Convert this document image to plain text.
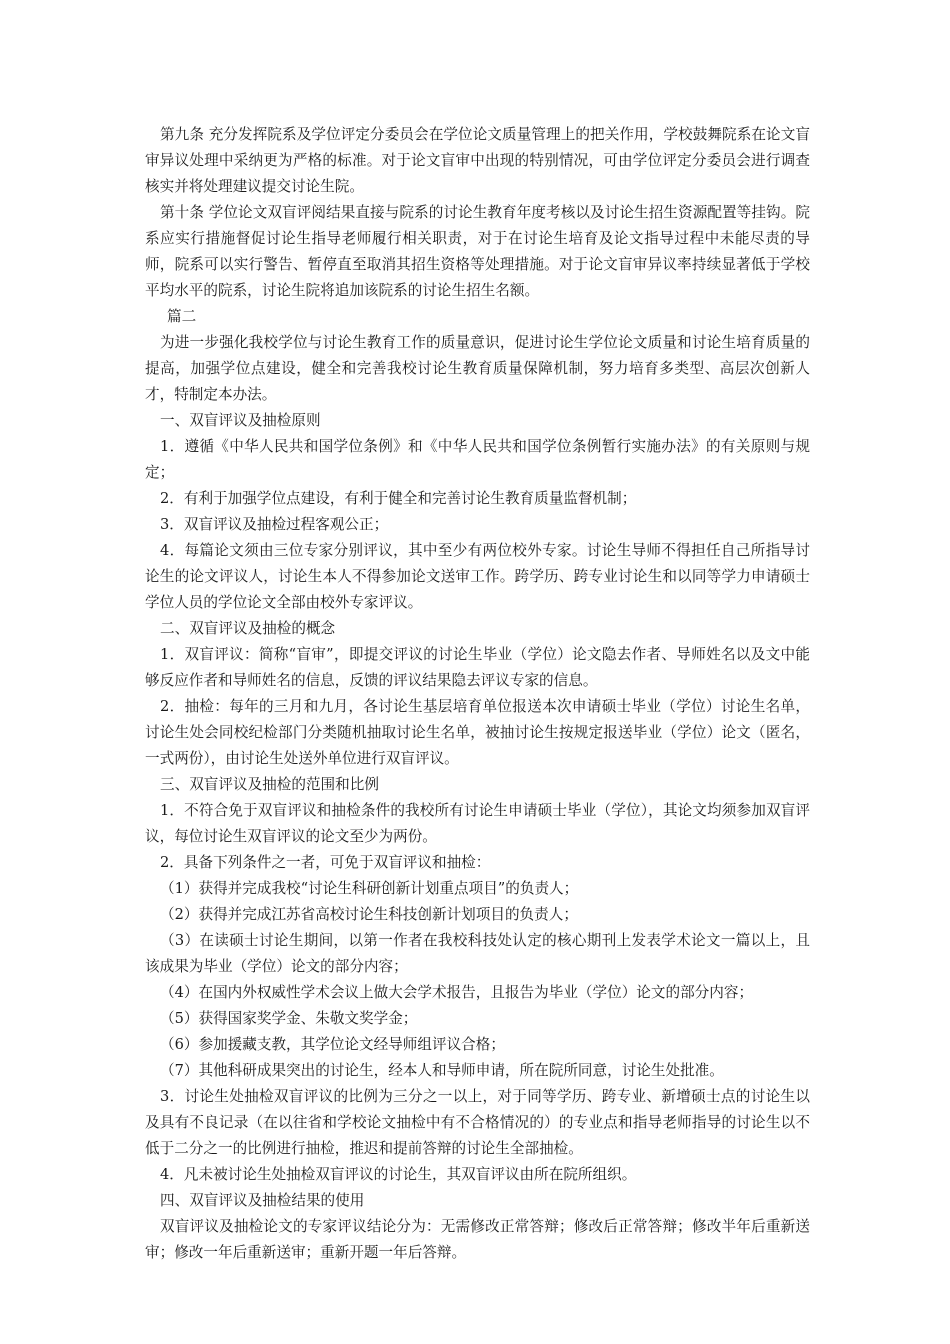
第九条 充分发挥院系及学位评定分委员会在学位论文质量管理上的把关作用，学校鼓舞院系在论文盲审异议处理中采纳更为严格的标准。对于论文盲审中出现的特别情况，可由学位评定分委员会进行调查核实并将处理建议提交讨论生院。

第十条 学位论文双盲评阅结果直接与院系的讨论生教育年度考核以及讨论生招生资源配置等挂钩。院系应实行措施督促讨论生指导老师履行相关职责，对于在讨论生培育及论文指导过程中未能尽责的导师，院系可以实行警告、暂停直至取消其招生资格等处理措施。对于论文盲审异议率持续显著低于学校平均水平的院系，讨论生院将追加该院系的讨论生招生名额。

篇二

为进一步强化我校学位与讨论生教育工作的质量意识，促进讨论生学位论文质量和讨论生培育质量的提高，加强学位点建设，健全和完善我校讨论生教育质量保障机制，努力培育多类型、高层次创新人才，特制定本办法。

一、双盲评议及抽检原则

1．遵循《中华人民共和国学位条例》和《中华人民共和国学位条例暂行实施办法》的有关原则与规定；

2．有利于加强学位点建设，有利于健全和完善讨论生教育质量监督机制；

3．双盲评议及抽检过程客观公正；

4．每篇论文须由三位专家分别评议，其中至少有两位校外专家。讨论生导师不得担任自己所指导讨论生的论文评议人，讨论生本人不得参加论文送审工作。跨学历、跨专业讨论生和以同等学力申请硕士学位人员的学位论文全部由校外专家评议。

二、双盲评议及抽检的概念

1．双盲评议：简称“盲审”，即提交评议的讨论生毕业（学位）论文隐去作者、导师姓名以及文中能够反应作者和导师姓名的信息，反馈的评议结果隐去评议专家的信息。

2．抽检：每年的三月和九月，各讨论生基层培育单位报送本次申请硕士毕业（学位）讨论生名单，讨论生处会同校纪检部门分类随机抽取讨论生名单，被抽讨论生按规定报送毕业（学位）论文（匿名，一式两份），由讨论生处送外单位进行双盲评议。

三、双盲评议及抽检的范围和比例

1．不符合免于双盲评议和抽检条件的我校所有讨论生申请硕士毕业（学位），其论文均须参加双盲评议，每位讨论生双盲评议的论文至少为两份。

2．具备下列条件之一者，可免于双盲评议和抽检：

（1）获得并完成我校“讨论生科研创新计划重点项目”的负责人；

（2）获得并完成江苏省高校讨论生科技创新计划项目的负责人；

（3）在读硕士讨论生期间，以第一作者在我校科技处认定的核心期刊上发表学术论文一篇以上，且该成果为毕业（学位）论文的部分内容；

（4）在国内外权威性学术会议上做大会学术报告，且报告为毕业（学位）论文的部分内容；

（5）获得国家奖学金、朱敬文奖学金；

（6）参加援藏支教，其学位论文经导师组评议合格；

（7）其他科研成果突出的讨论生，经本人和导师申请，所在院所同意，讨论生处批准。

3．讨论生处抽检双盲评议的比例为三分之一以上，对于同等学历、跨专业、新增硕士点的讨论生以及具有不良记录（在以往省和学校论文抽检中有不合格情况的）的专业点和指导老师指导的讨论生以不低于二分之一的比例进行抽检，推迟和提前答辩的讨论生全部抽检。

4．凡未被讨论生处抽检双盲评议的讨论生，其双盲评议由所在院所组织。

四、双盲评议及抽检结果的使用

双盲评议及抽检论文的专家评议结论分为：无需修改正常答辩；修改后正常答辩；修改半年后重新送审；修改一年后重新送审；重新开题一年后答辩。
